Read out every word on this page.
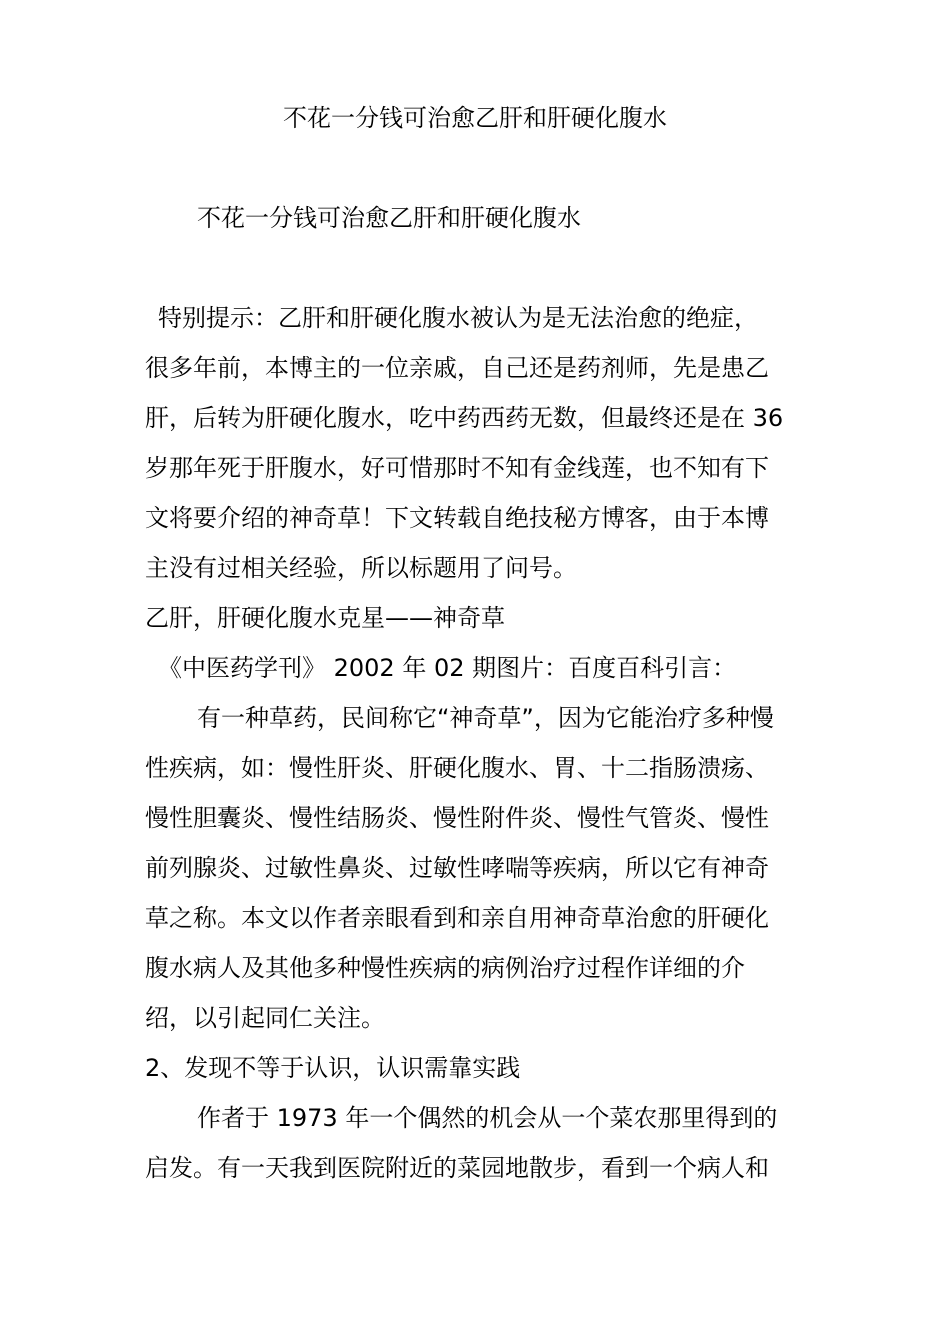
不花一分钱可治愈乙肝和肝硬化腹水
不花一分钱可治愈乙肝和肝硬化腹水
特别提示：乙肝和肝硬化腹水被认为是无法治愈的绝症，
很多年前，本博主的一位亲戚，自己还是药剂师，先是患乙
肝，后转为肝硬化腹水，吃中药西药无数，但最终还是在 36
岁那年死于肝腹水，好可惜那时不知有金线莲，也不知有下
文将要介绍的神奇草！下文转载自绝技秘方博客，由于本博
主没有过相关经验，所以标题用了问号。
乙肝，肝硬化腹水克星——神奇草
《中医药学刊》 2002 年 02 期图片：百度百科引言：
有一种草药，民间称它“神奇草”，因为它能治疗多种慢
性疾病，如：慢性肝炎、肝硬化腹水、胃、十二指肠溃疡、
慢性胆囊炎、慢性结肠炎、慢性附件炎、慢性气管炎、慢性
前列腺炎、过敏性鼻炎、过敏性哮喘等疾病，所以它有神奇
草之称。本文以作者亲眼看到和亲自用神奇草治愈的肝硬化
腹水病人及其他多种慢性疾病的病例治疗过程作详细的介
绍，以引起同仁关注。
2、发现不等于认识，认识需靠实践
作者于 1973 年一个偶然的机会从一个菜农那里得到的
启发。有一天我到医院附近的菜园地散步，看到一个病人和
